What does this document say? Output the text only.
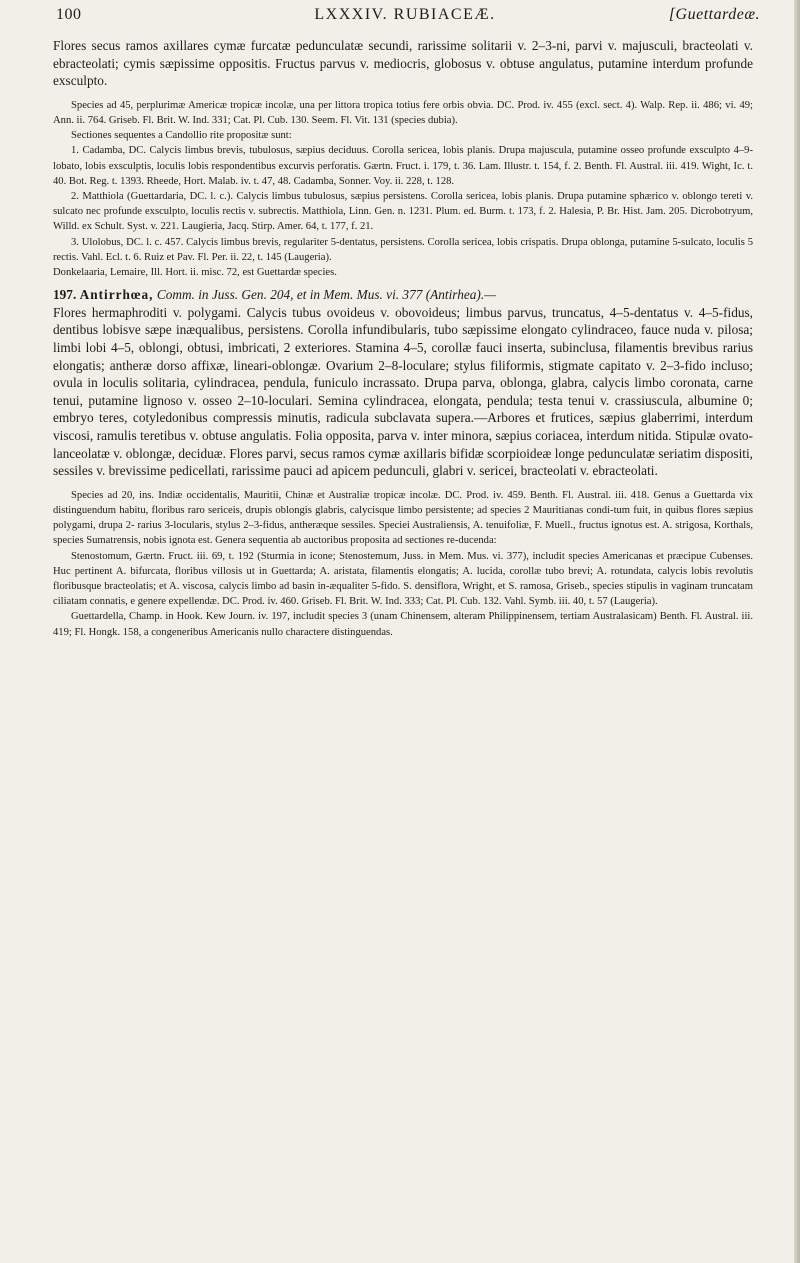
100	LXXXIV. RUBIACEÆ.	[Guettardeæ.

Flores secus ramos axillares cymæ furcatæ pedunculatæ secundi, rarissime solitarii v. 2–3-ni, parvi v. majusculi, bracteolati v. ebracteolati; cymis sæpissime oppositis. Fructus parvus v. mediocris, globosus v. obtuse angulatus, putamine interdum profunde exsculpto.

Species ad 45, perplurimæ Americæ tropicæ incolæ, una per littora tropica totius fere orbis obvia. DC. Prod. iv. 455 (excl. sect. 4). Walp. Rep. ii. 486; vi. 49; Ann. ii. 764. Griseb. Fl. Brit. W. Ind. 331; Cat. Pl. Cub. 130. Seem. Fl. Vit. 131 (species dubia).

Sectiones sequentes a Candollio rite propositæ sunt:

1. Cadamba, DC. Calycis limbus brevis, tubulosus, sæpius deciduus. Corolla sericea, lobis planis. Drupa majuscula, putamine osseo profunde exsculpto 4–9-lobato, lobis exsculptis, loculis lobis respondentibus excurvis perforatis. Gærtn. Fruct. i. 179, t. 36. Lam. Illustr. t. 154, f. 2. Benth. Fl. Austral. iii. 419. Wight, Ic. t. 40. Bot. Reg. t. 1393. Rheede, Hort. Malab. iv. t. 47, 48. Cadamba, Sonner. Voy. ii. 228, t. 128.

2. Matthiola (Guettardaria, DC. l. c.). Calycis limbus tubulosus, sæpius persistens. Corolla sericea, lobis planis. Drupa putamine sphærico v. oblongo tereti v. sulcato nec profunde exsculpto, loculis rectis v. subrectis. Matthiola, Linn. Gen. n. 1231. Plum. ed. Burm. t. 173, f. 2. Halesia, P. Br. Hist. Jam. 205. Dicrobotryum, Willd. ex Schult. Syst. v. 221. Laugieria, Jacq. Stirp. Amer. 64, t. 177, f. 21.

3. Ulolobus, DC. l. c. 457. Calycis limbus brevis, regulariter 5-dentatus, persistens. Corolla sericea, lobis crispatis. Drupa oblonga, putamine 5-sulcato, loculis 5 rectis. Vahl. Ecl. t. 6. Ruiz et Pav. Fl. Per. ii. 22, t. 145 (Laugeria).

Donkelaaria, Lemaire, Ill. Hort. ii. misc. 72, est Guettardæ species.

197. Antirrhœa, Comm. in Juss. Gen. 204, et in Mem. Mus. vi. 377 (Antirhea).—

Flores hermaphroditi v. polygami. Calycis tubus ovoideus v. obovoideus; limbus parvus, truncatus, 4–5-dentatus v. 4–5-fidus, dentibus lobisve sæpe inæqualibus, persistens. Corolla infundibularis, tubo sæpissime elongato cylindraceo, fauce nuda v. pilosa; limbi lobi 4–5, oblongi, obtusi, imbricati, 2 exteriores. Stamina 4–5, corollæ fauci inserta, subinclusa, filamentis brevibus rarius elongatis; antheræ dorso affixæ, lineari-oblongæ. Ovarium 2–8-loculare; stylus filiformis, stigmate capitato v. 2–3-fido incluso; ovula in loculis solitaria, cylindracea, pendula, funiculo incrassato. Drupa parva, oblonga, glabra, calycis limbo coronata, carne tenui, putamine lignoso v. osseo 2–10-loculari. Semina cylindracea, elongata, pendula; testa tenui v. crassiuscula, albumine 0; embryo teres, cotyledonibus compressis minutis, radicula subclavata supera.—Arbores et frutices, sæpius glaberrimi, interdum viscosi, ramulis teretibus v. obtuse angulatis. Folia opposita, parva v. inter minora, sæpius coriacea, interdum nitida. Stipulæ ovato-lanceolatæ v. oblongæ, deciduæ. Flores parvi, secus ramos cymæ axillaris bifidæ scorpioideæ longe pedunculatæ seriatim dispositi, sessiles v. brevissime pedicellati, rarissime pauci ad apicem pedunculi, glabri v. sericei, bracteolati v. ebracteolati.

Species ad 20, ins. Indiæ occidentalis, Mauritii, Chinæ et Australiæ tropicæ incolæ. DC. Prod. iv. 459. Benth. Fl. Austral. iii. 418. Genus a Guettarda vix distinguendum habitu, floribus raro sericeis, drupis oblongis glabris, calycisque limbo persistente; ad species 2 Mauritianas condi-tum fuit, in quibus flores sæpius polygami, drupa 2- rarius 3-locularis, stylus 2–3-fidus, antheræque sessiles. Speciei Australiensis, A. tenuifoliæ, F. Muell., fructus ignotus est. A. strigosa, Korthals, species Sumatrensis, nobis ignota est. Genera sequentia ab auctoribus proposita ad sectiones re-ducenda:

Stenostomum, Gærtn. Fruct. iii. 69, t. 192 (Sturmia in icone; Stenostemum, Juss. in Mem. Mus. vi. 377), includit species Americanas et præcipue Cubenses. Huc pertinent A. bifurcata, floribus villosis ut in Guettarda; A. aristata, filamentis elongatis; A. lucida, corollæ tubo brevi; A. rotundata, calycis lobis revolutis floribusque bracteolatis; et A. viscosa, calycis limbo ad basin in-æqualiter 5-fido. S. densiflora, Wright, et S. ramosa, Griseb., species stipulis in vaginam truncatam ciliatam connatis, e genere expellendæ. DC. Prod. iv. 460. Griseb. Fl. Brit. W. Ind. 333; Cat. Pl. Cub. 132. Vahl. Symb. iii. 40, t. 57 (Laugeria).

Guettardella, Champ. in Hook. Kew Journ. iv. 197, includit species 3 (unam Chinensem, alteram Philippinensem, tertiam Australasicam) Benth. Fl. Austral. iii. 419; Fl. Hongk. 158, a congeneribus Americanis nullo charactere distinguendas.
